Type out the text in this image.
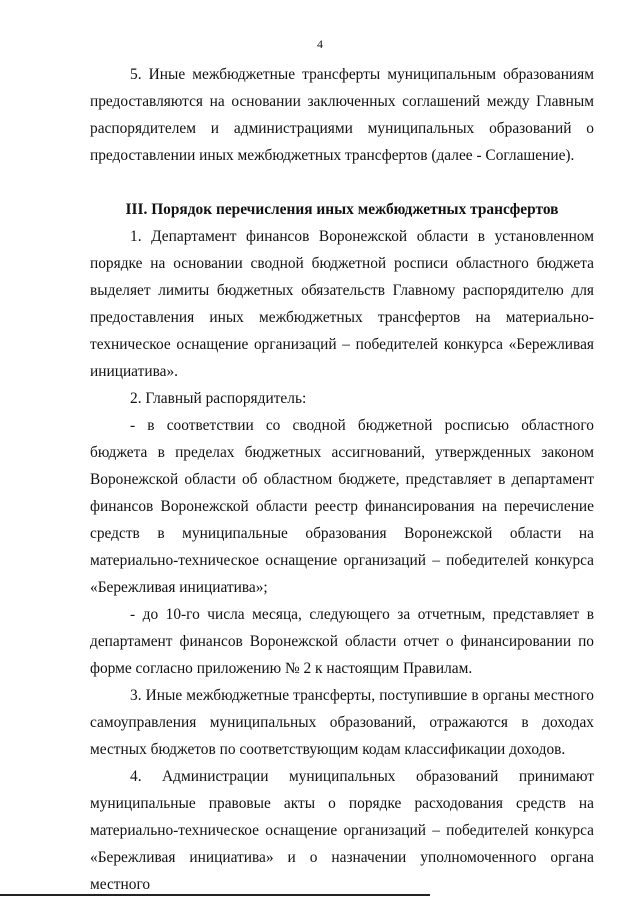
4

5. Иные межбюджетные трансферты муниципальным образованиям предоставляются на основании заключенных соглашений между Главным распорядителем и администрациями муниципальных образований о предоставлении иных межбюджетных трансфертов (далее - Соглашение).

III. Порядок перечисления иных межбюджетных трансфертов

1. Департамент финансов Воронежской области в установленном порядке на основании сводной бюджетной росписи областного бюджета выделяет лимиты бюджетных обязательств Главному распорядителю для предоставления иных межбюджетных трансфертов на материально-техническое оснащение организаций – победителей конкурса «Бережливая инициатива».

2. Главный распорядитель:

- в соответствии со сводной бюджетной росписью областного бюджета в пределах бюджетных ассигнований, утвержденных законом Воронежской области об областном бюджете, представляет в департамент финансов Воронежской области реестр финансирования на перечисление средств в муниципальные образования Воронежской области на материально-техническое оснащение организаций – победителей конкурса «Бережливая инициатива»;

- до 10-го числа месяца, следующего за отчетным, представляет в департамент финансов Воронежской области отчет о финансировании по форме согласно приложению № 2 к настоящим Правилам.

3. Иные межбюджетные трансферты, поступившие в органы местного самоуправления муниципальных образований, отражаются в доходах местных бюджетов по соответствующим кодам классификации доходов.

4. Администрации муниципальных образований принимают муниципальные правовые акты о порядке расходования средств на материально-техническое оснащение организаций – победителей конкурса «Бережливая инициатива» и о назначении уполномоченного органа местного
